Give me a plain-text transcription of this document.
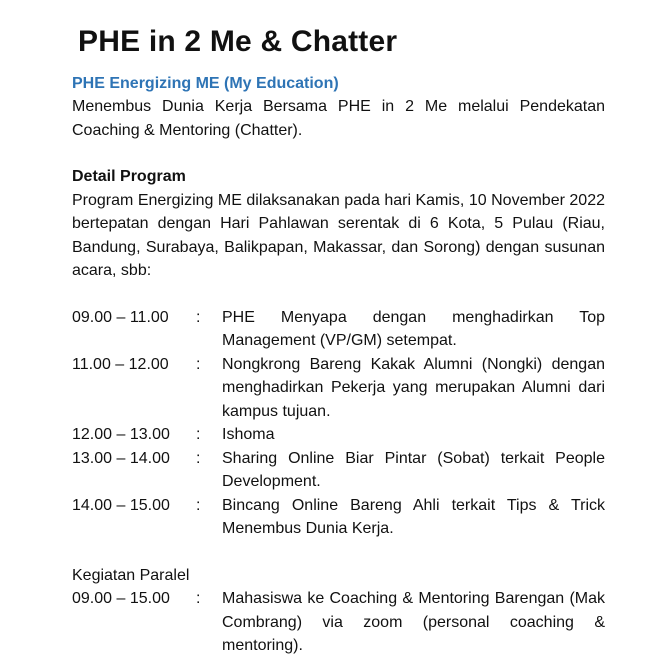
PHE in 2 Me & Chatter
PHE Energizing ME (My Education)
Menembus Dunia Kerja Bersama PHE in 2 Me melalui Pendekatan Coaching & Mentoring (Chatter).
Detail Program
Program Energizing ME dilaksanakan pada hari Kamis, 10 November 2022 bertepatan dengan Hari Pahlawan serentak di 6 Kota, 5 Pulau (Riau, Bandung, Surabaya, Balikpapan, Makassar, dan Sorong) dengan susunan acara, sbb:
09.00 – 11.00	:	PHE Menyapa dengan menghadirkan Top Management (VP/GM) setempat.
11.00 – 12.00	:	Nongkrong Bareng Kakak Alumni (Nongki) dengan menghadirkan Pekerja yang merupakan Alumni dari kampus tujuan.
12.00 – 13.00	:	Ishoma
13.00 – 14.00	:	Sharing Online Biar Pintar (Sobat) terkait People Development.
14.00 – 15.00	:	Bincang Online Bareng Ahli terkait Tips & Trick Menembus Dunia Kerja.
Kegiatan Paralel
09.00 – 15.00	:	Mahasiswa ke Coaching & Mentoring Barengan (Mak Combrang) via zoom (personal coaching & mentoring).
